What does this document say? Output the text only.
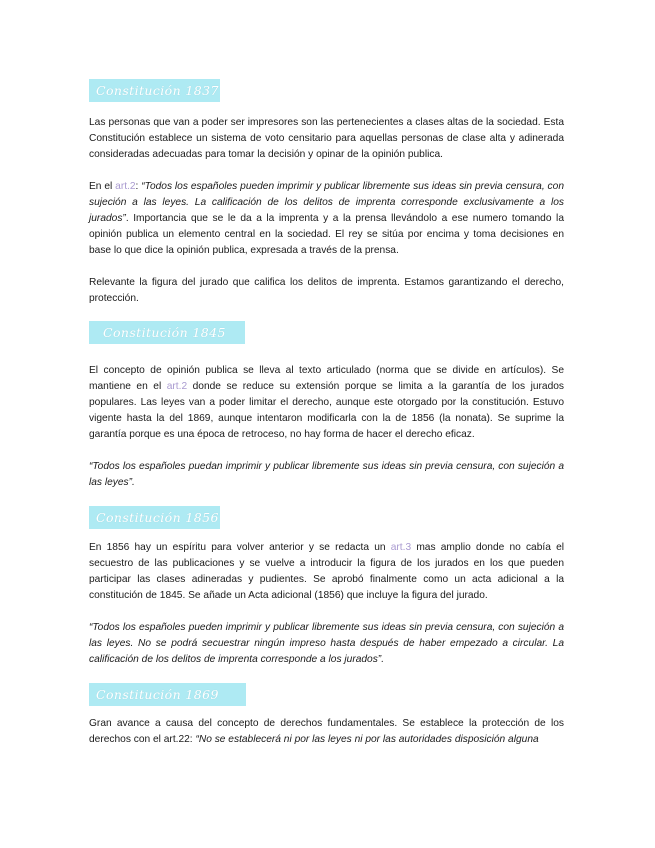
Constitución 1837

Las personas que van a poder ser impresores son las pertenecientes a clases altas de la sociedad. Esta Constitución establece un sistema de voto censitario para aquellas personas de clase alta y adinerada consideradas adecuadas para tomar la decisión y opinar de la opinión publica.

En el art.2: “Todos los españoles pueden imprimir y publicar libremente sus ideas sin previa censura, con sujeción a las leyes. La calificación de los delitos de imprenta corresponde exclusivamente a los jurados”. Importancia que se le da a la imprenta y a la prensa llevándolo a ese numero tomando la opinión publica un elemento central en la sociedad. El rey se sitúa por encima y toma decisiones en base lo que dice la opinión publica, expresada a través de la prensa.

Relevante la figura del jurado que califica los delitos de imprenta. Estamos garantizando el derecho, protección.

Constitución 1845

El concepto de opinión publica se lleva al texto articulado (norma que se divide en artículos). Se mantiene en el art.2 donde se reduce su extensión porque se limita a la garantía de los jurados populares. Las leyes van a poder limitar el derecho, aunque este otorgado por la constitución. Estuvo vigente hasta la del 1869, aunque intentaron modificarla con la de 1856 (la nonata). Se suprime la garantía porque es una época de retroceso, no hay forma de hacer el derecho eficaz.

“Todos los españoles puedan imprimir y publicar libremente sus ideas sin previa censura, con sujeción a las leyes”.

Constitución 1856

En 1856 hay un espíritu para volver anterior y se redacta un art.3 mas amplio donde no cabía el secuestro de las publicaciones y se vuelve a introducir la figura de los jurados en los que pueden participar las clases adineradas y pudientes. Se aprobó finalmente como un acta adicional a la constitución de 1845. Se añade un Acta adicional (1856) que incluye la figura del jurado.

“Todos los españoles pueden imprimir y publicar libremente sus ideas sin previa censura, con sujeción a las leyes. No se podrá secuestrar ningún impreso hasta después de haber empezado a circular. La calificación de los delitos de imprenta corresponde a los jurados”.

Constitución 1869

Gran avance a causa del concepto de derechos fundamentales. Se establece la protección de los derechos con el art.22: “No se establecerá ni por las leyes ni por las autoridades disposición alguna
